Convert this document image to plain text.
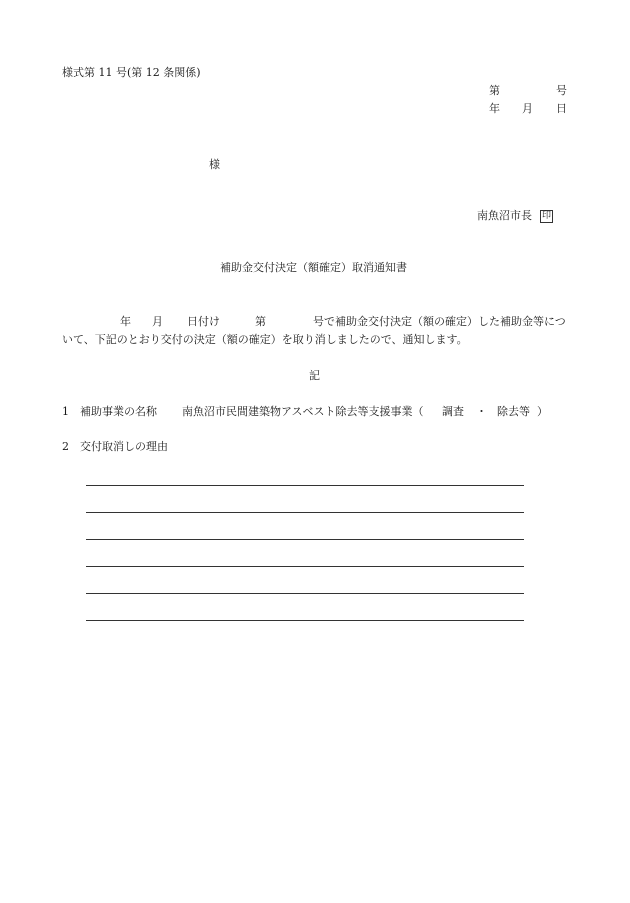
様式第 11 号(第 12 条関係)
第	号
年 月 日
様
南魚沼市長 印
補助金交付決定（額確定）取消通知書
年 月 日付け	第	号で補助金交付決定（額の確定）した補助金等につ
いて、下記のとおり交付の決定（額の確定）を取り消しましたので、通知します。
記
1 補助事業の名称 南魚沼市民間建築物アスベスト除去等支援事業（ 調査 ・ 除去等 ）
2 交付取消しの理由
